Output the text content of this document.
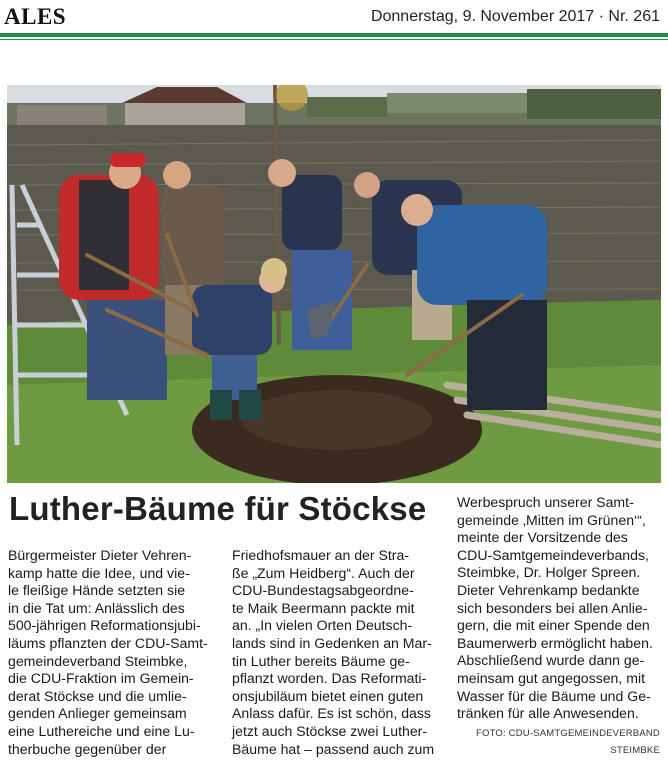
ALES	Donnerstag, 9. November 2017 · Nr. 261
Luther-Bäume für Stöckse
Bürgermeister Dieter Vehren-
kamp hatte die Idee, und vie-
le fleißige Hände setzten sie
in die Tat um: Anlässlich des
500-jährigen Reformationsjubi-
läums pflanzten der CDU-Samt-
gemeindeverband Steimbke,
die CDU-Fraktion im Gemein-
derat Stöckse und die umlie-
genden Anlieger gemeinsam
eine Luthereiche und eine Lu-
therbuche gegenüber der
Friedhofsmauer an der Stra-
ße „Zum Heidberg“. Auch der
CDU-Bundestagsabgeordne-
te Maik Beermann packte mit
an. „In vielen Orten Deutsch-
lands sind in Gedenken an Mar-
tin Luther bereits Bäume ge-
pflanzt worden. Das Reformati-
onsjubiläum bietet einen guten
Anlass dafür. Es ist schön, dass
jetzt auch Stöckse zwei Luther-
Bäume hat – passend auch zum
Werbespruch unserer Samt-
gemeinde ‚Mitten im Grünen‘“,
meinte der Vorsitzende des
CDU-Samtgemeindeverbands,
Steimbke, Dr. Holger Spreen.
Dieter Vehrenkamp bedankte
sich besonders bei allen Anlie-
gern, die mit einer Spende den
Baumerwerb ermöglicht haben.
Abschließend wurde dann ge-
meinsam gut angegossen, mit
Wasser für die Bäume und Ge-
tränken für alle Anwesenden.
FOTO: CDU-SAMTGEMEINDEVERBAND
STEIMBKE
